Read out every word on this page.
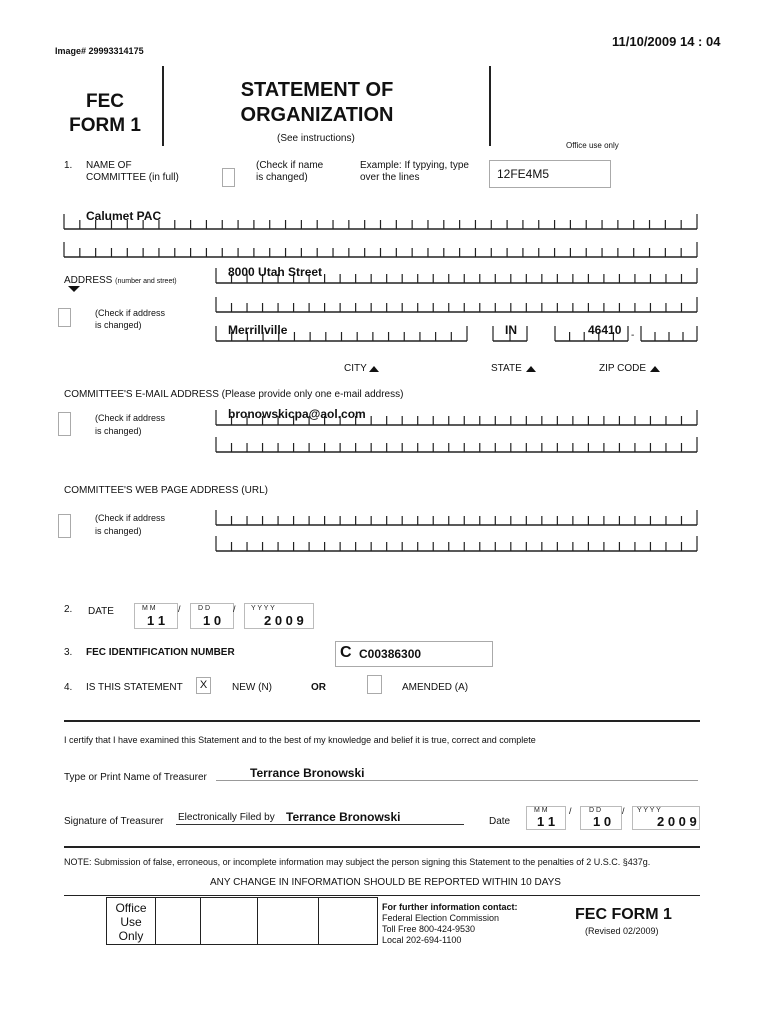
Image# 29993314175
11/10/2009 14 : 04
FEC
FORM 1
STATEMENT OF
ORGANIZATION
(See instructions)
Office use only
1. NAME OF
COMMITTEE (in full)
(Check if name
is changed)
Example: If typying, type
over the lines	12FE4M5
Calumet PAC
ADDRESS (number and street)
8000 Utah Street
(Check if address
is changed)	Merrillville	IN	46410 -
CITY	STATE	ZIP CODE
COMMITTEE'S E-MAIL ADDRESS (Please provide only one e-mail address)
(Check if address
is changed)
bronowskicpa@aol.com
COMMITTEE'S WEB PAGE ADDRESS (URL)
(Check if address
is changed)
2. DATE	M M
1 1
/ D D
1 0
/ Y Y Y Y
2 0 0 9
3. FEC IDENTIFICATION NUMBER	C C00386300
4. IS THIS STATEMENT	X	NEW (N)	OR	AMENDED (A)
I certify that I have examined this Statement and to the best of my knowledge and belief it is true, correct and complete
Type or Print Name of Treasurer	Terrance Bronowski
Signature of Treasurer Electronically Filed by Terrance Bronowski	Date
M M
1 1
/ D D
1 0
/ Y Y Y Y
2 0 0 9
NOTE: Submission of false, erroneous, or incomplete information may subject the person signing this Statement to the penalties of 2 U.S.C. §437g.
ANY CHANGE IN INFORMATION SHOULD BE REPORTED WITHIN 10 DAYS
Office
Use
Only

For further information contact:
Federal Election Commission
Toll Free 800-424-9530
Local 202-694-1100
FEC FORM 1
(Revised 02/2009)
